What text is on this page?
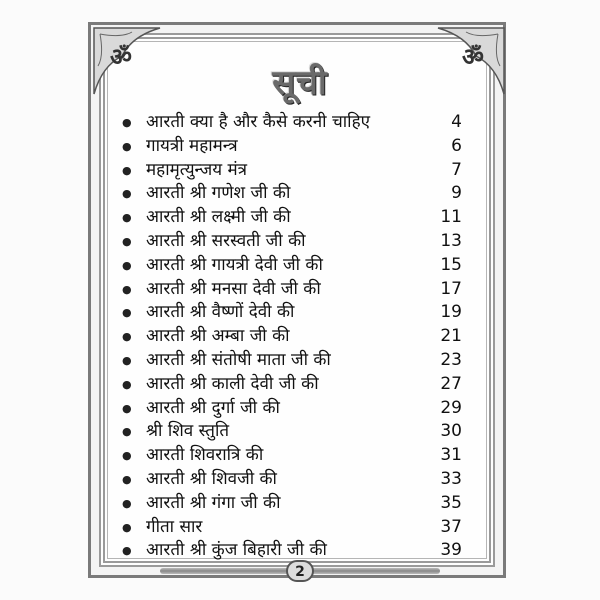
ॐ	ॐ
सूची
● आरती क्या है और कैसे करनी चाहिए	4
● गायत्री महामन्त्र	6
● महामृत्युन्जय मंत्र	7
● आरती श्री गणेश जी की	9
● आरती श्री लक्ष्मी जी की	11
● आरती श्री सरस्वती जी की	13
● आरती श्री गायत्री देवी जी की	15
● आरती श्री मनसा देवी जी की	17
● आरती श्री वैष्णों देवी की	19
● आरती श्री अम्बा जी की	21
● आरती श्री संतोषी माता जी की	23
● आरती श्री काली देवी जी की	27
● आरती श्री दुर्गा जी की	29
● श्री शिव स्तुति	30
● आरती शिवरात्रि की	31
● आरती श्री शिवजी की	33
● आरती श्री गंगा जी की	35
● गीता सार	37
● आरती श्री कुंज बिहारी जी की	39
2
